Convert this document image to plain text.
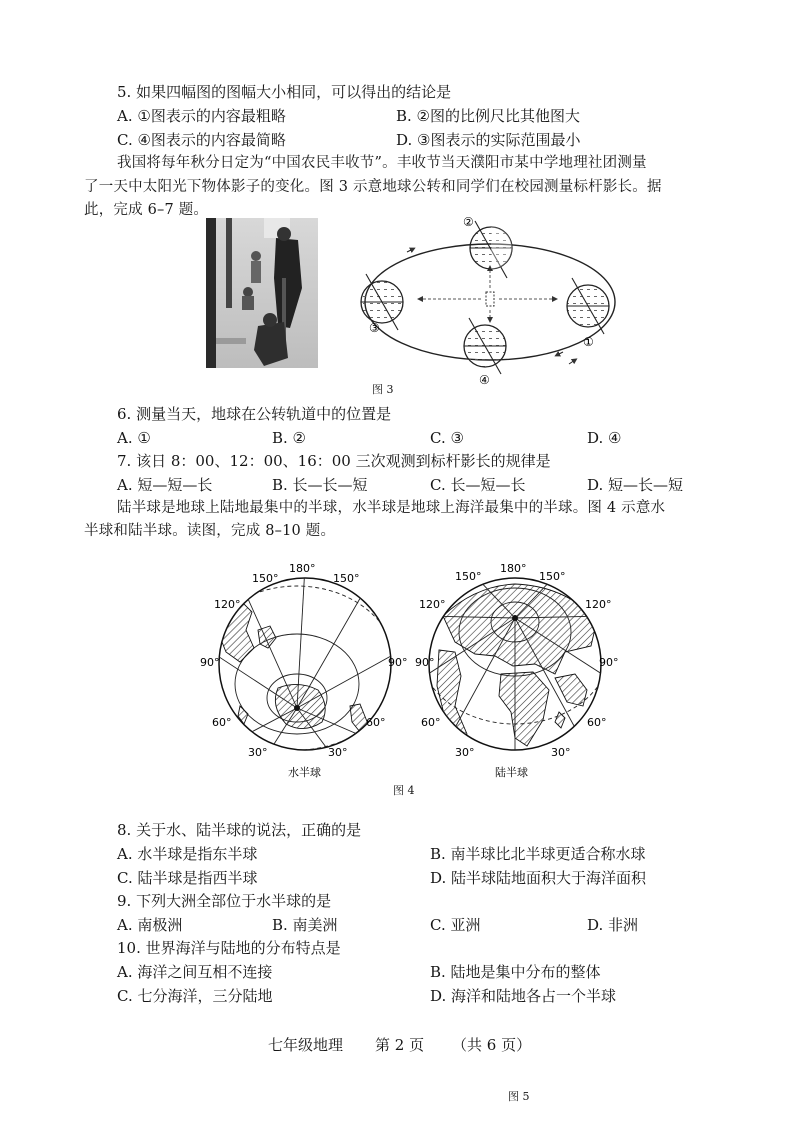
5. 如果四幅图的图幅大小相同，可以得出的结论是
A. ①图表示的内容最粗略	B. ②图的比例尺比其他图大
C. ④图表示的内容最简略	D. ③图表示的实际范围最小
我国将每年秋分日定为“中国农民丰收节”。丰收节当天濮阳市某中学地理社团测量
了一天中太阳光下物体影子的变化。图 3 示意地球公转和同学们在校园测量标杆影长。据
此，完成 6–7 题。
②
①
③
④
图 3
6. 测量当天，地球在公转轨道中的位置是
A. ①	B. ②	C. ③	D. ④
7. 该日 8：00、12：00、16：00 三次观测到标杆影长的规律是
A. 短—短—长	B. 长—长—短	C. 长—短—长	D. 短—长—短
陆半球是地球上陆地最集中的半球，水半球是地球上海洋最集中的半球。图 4 示意水
半球和陆半球。读图，完成 8–10 题。
180°
150°	150°
120°
90°	90°
60°	60°
30°	30°
水半球
180°
150°	150°
120°	120°
90°	90°
60°	60°
30°	30°
陆半球
图 4
8. 关于水、陆半球的说法，正确的是
A. 水半球是指东半球	B. 南半球比北半球更适合称水球
C. 陆半球是指西半球	D. 陆半球陆地面积大于海洋面积
9. 下列大洲全部位于水半球的是
A. 南极洲	B. 南美洲	C. 亚洲	D. 非洲
10. 世界海洋与陆地的分布特点是
A. 海洋之间互相不连接	B. 陆地是集中分布的整体
C. 七分海洋，三分陆地	D. 海洋和陆地各占一个半球
七年级地理 第 2 页 （共 6 页）
图 5
